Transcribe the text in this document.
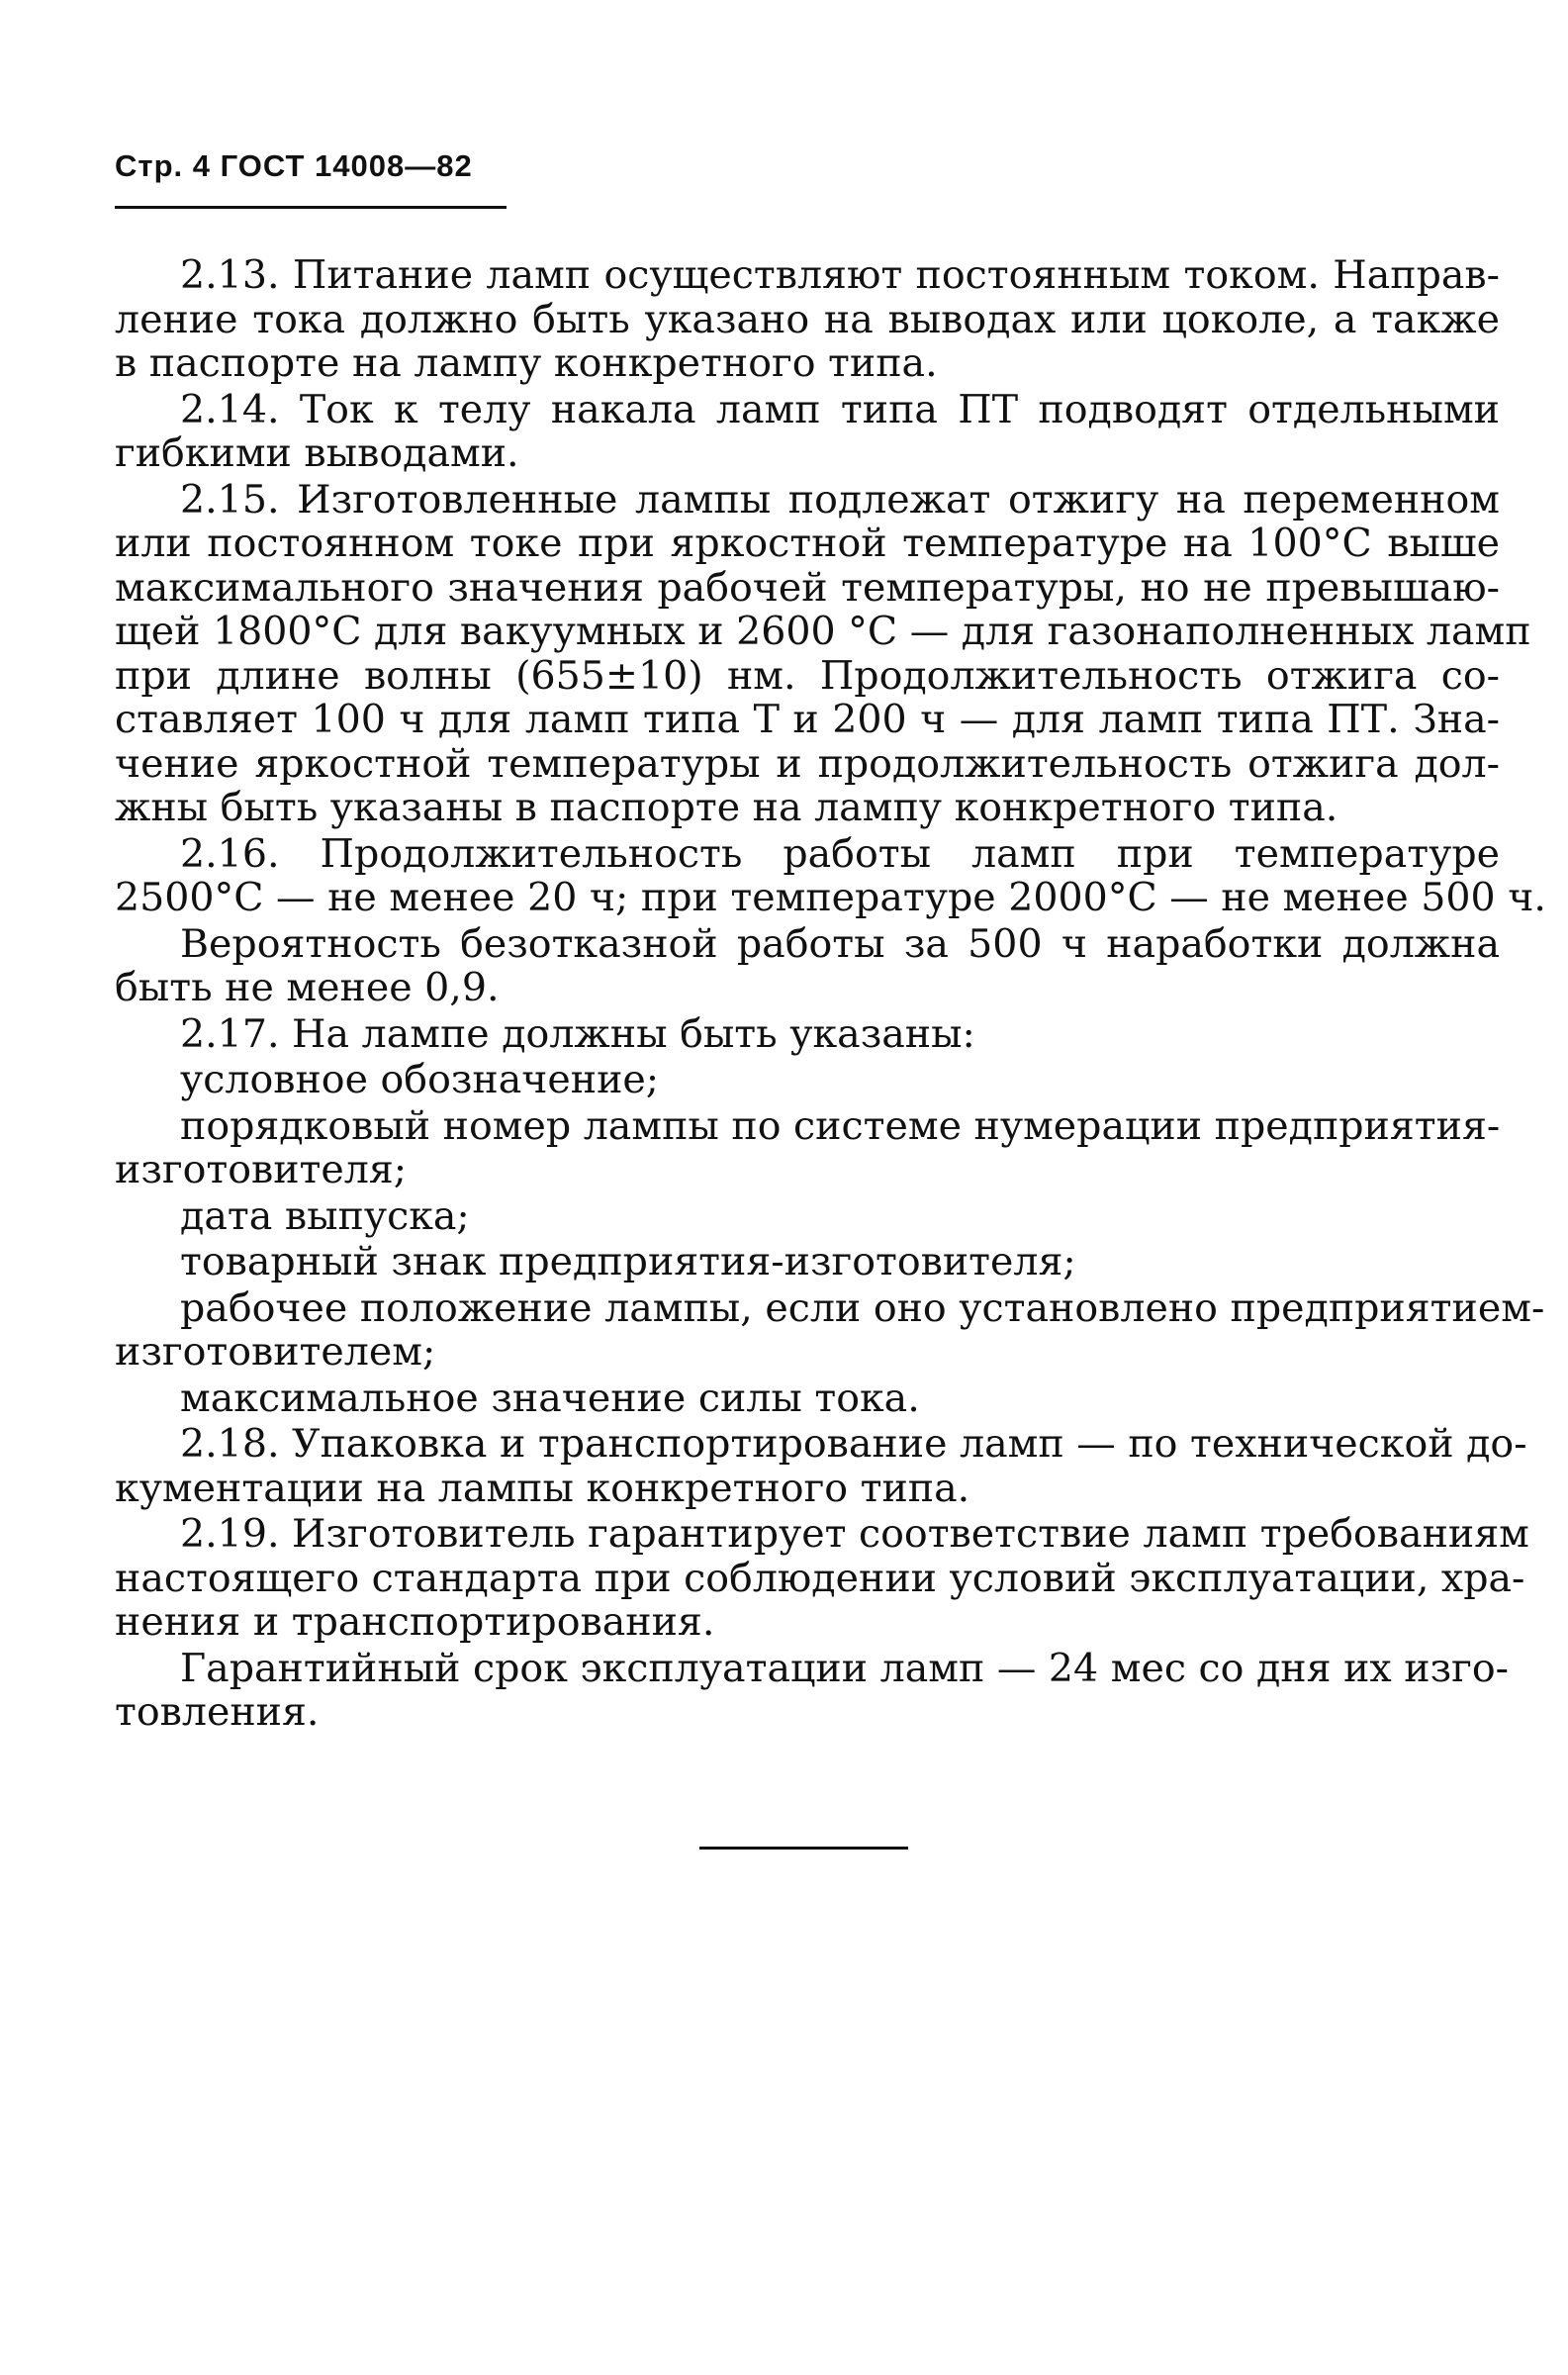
Стр. 4 ГОСТ 14008—82
2.13. Питание ламп осуществляют постоянным током. Направ-
ление тока должно быть указано на выводах или цоколе, а также
в паспорте на лампу конкретного типа.
2.14. Ток к телу накала ламп типа ПТ подводят отдельными
гибкими выводами.
2.15. Изготовленные лампы подлежат отжигу на переменном
или постоянном токе при яркостной температуре на 100°С выше
максимального значения рабочей температуры, но не превышаю-
щей 1800°С для вакуумных и 2600 °С — для газонаполненных ламп
при длине волны (655±10) нм. Продолжительность отжига со-
ставляет 100 ч для ламп типа Т и 200 ч — для ламп типа ПТ. Зна-
чение яркостной температуры и продолжительность отжига дол-
жны быть указаны в паспорте на лампу конкретного типа.
2.16. Продолжительность работы ламп при температуре
2500°С — не менее 20 ч; при температуре 2000°С — не менее 500 ч.
Вероятность безотказной работы за 500 ч наработки должна
быть не менее 0,9.
2.17. На лампе должны быть указаны:
условное обозначение;
порядковый номер лампы по системе нумерации предприятия-
изготовителя;
дата выпуска;
товарный знак предприятия-изготовителя;
рабочее положение лампы, если оно установлено предприятием-
изготовителем;
максимальное значение силы тока.
2.18. Упаковка и транспортирование ламп — по технической до-
кументации на лампы конкретного типа.
2.19. Изготовитель гарантирует соответствие ламп требованиям
настоящего стандарта при соблюдении условий эксплуатации, хра-
нения и транспортирования.
Гарантийный срок эксплуатации ламп — 24 мес со дня их изго-
товления.
